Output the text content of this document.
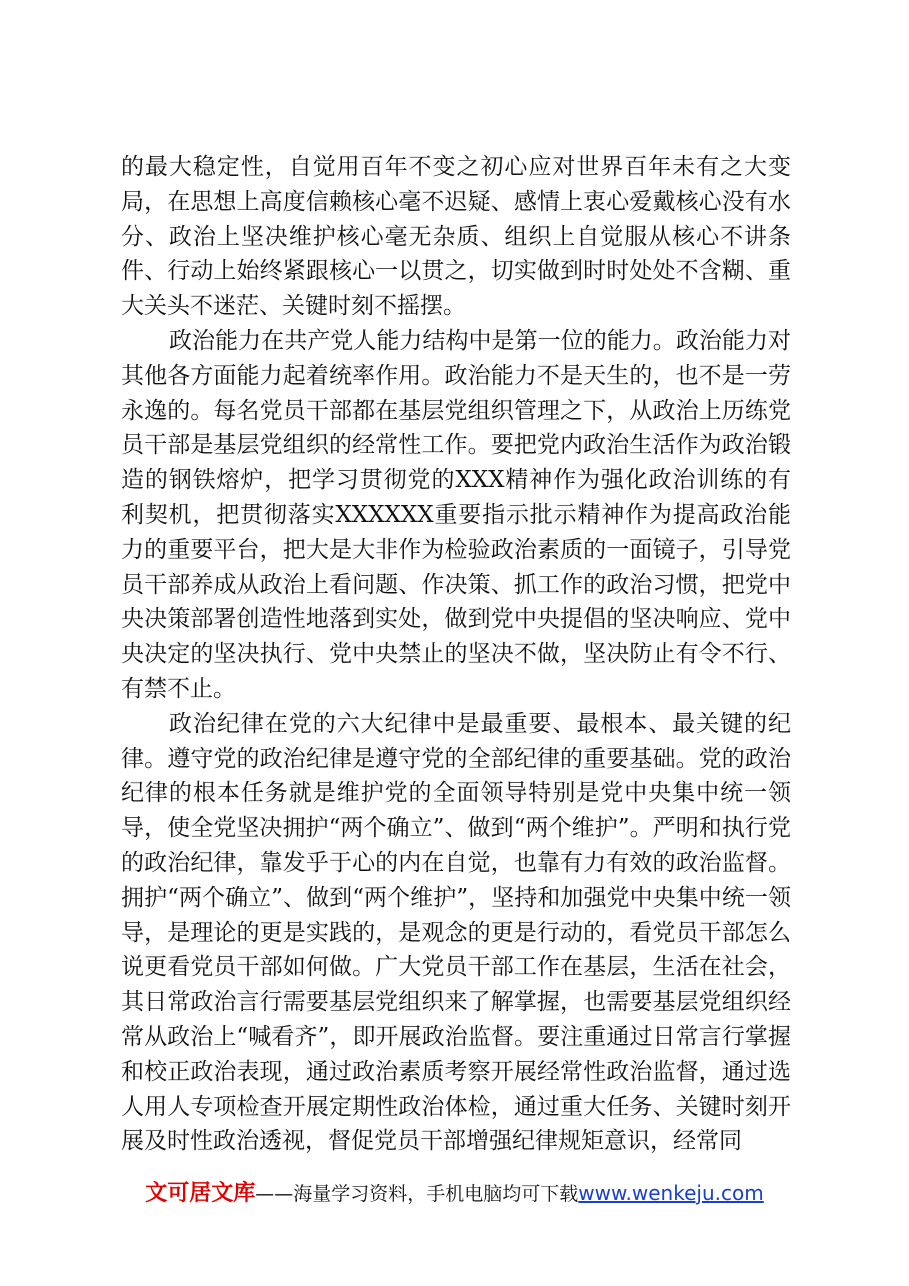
的最大稳定性，自觉用百年不变之初心应对世界百年未有之大变局，在思想上高度信赖核心毫不迟疑、感情上衷心爱戴核心没有水分、政治上坚决维护核心毫无杂质、组织上自觉服从核心不讲条件、行动上始终紧跟核心一以贯之，切实做到时时处处不含糊、重大关头不迷茫、关键时刻不摇摆。

政治能力在共产党人能力结构中是第一位的能力。政治能力对其他各方面能力起着统率作用。政治能力不是天生的，也不是一劳永逸的。每名党员干部都在基层党组织管理之下，从政治上历练党员干部是基层党组织的经常性工作。要把党内政治生活作为政治锻造的钢铁熔炉，把学习贯彻党的XXX精神作为强化政治训练的有利契机，把贯彻落实XXXXXX重要指示批示精神作为提高政治能力的重要平台，把大是大非作为检验政治素质的一面镜子，引导党员干部养成从政治上看问题、作决策、抓工作的政治习惯，把党中央决策部署创造性地落到实处，做到党中央提倡的坚决响应、党中央决定的坚决执行、党中央禁止的坚决不做，坚决防止有令不行、有禁不止。

政治纪律在党的六大纪律中是最重要、最根本、最关键的纪律。遵守党的政治纪律是遵守党的全部纪律的重要基础。党的政治纪律的根本任务就是维护党的全面领导特别是党中央集中统一领导，使全党坚决拥护“两个确立”、做到“两个维护”。严明和执行党的政治纪律，靠发乎于心的内在自觉，也靠有力有效的政治监督。拥护“两个确立”、做到“两个维护”，坚持和加强党中央集中统一领导，是理论的更是实践的，是观念的更是行动的，看党员干部怎么说更看党员干部如何做。广大党员干部工作在基层，生活在社会，其日常政治言行需要基层党组织来了解掌握，也需要基层党组织经常从政治上“喊看齐”，即开展政治监督。要注重通过日常言行掌握和校正政治表现，通过政治素质考察开展经常性政治监督，通过选人用人专项检查开展定期性政治体检，通过重大任务、关键时刻开展及时性政治透视，督促党员干部增强纪律规矩意识，经常同

文可居文库——海量学习资料，手机电脑均可下载www.wenkeju.com
